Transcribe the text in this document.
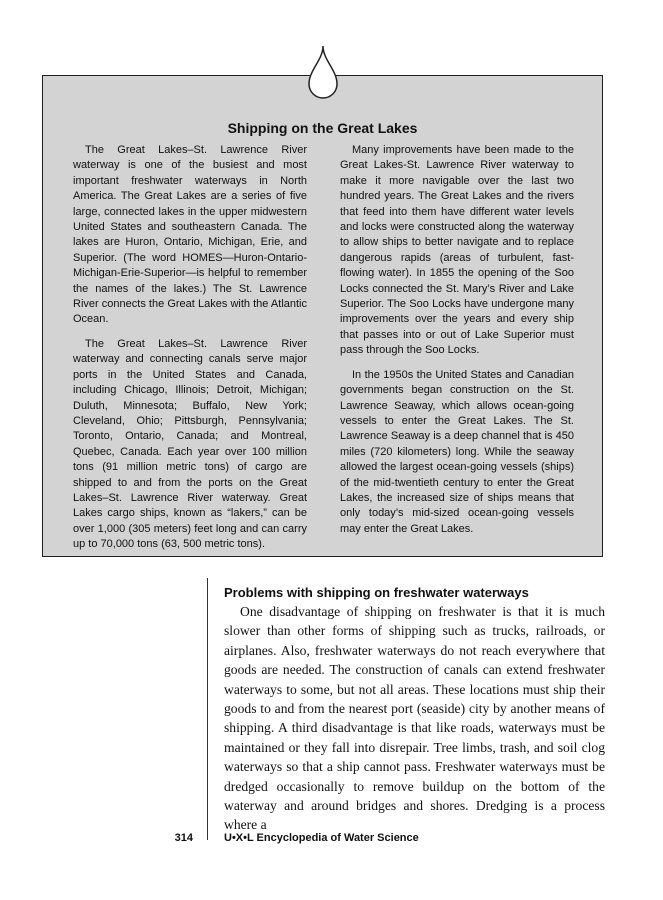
Shipping on the Great Lakes

The Great Lakes–St. Lawrence River waterway is one of the busiest and most important freshwater waterways in North America. The Great Lakes are a series of five large, connected lakes in the upper midwestern United States and southeastern Canada. The lakes are Huron, Ontario, Michigan, Erie, and Superior. (The word HOMES—Huron-Ontario-Michigan-Erie-Superior—is helpful to remember the names of the lakes.) The St. Lawrence River connects the Great Lakes with the Atlantic Ocean.

The Great Lakes–St. Lawrence River waterway and connecting canals serve major ports in the United States and Canada, including Chicago, Illinois; Detroit, Michigan; Duluth, Minnesota; Buffalo, New York; Cleveland, Ohio; Pittsburgh, Pennsylvania; Toronto, Ontario, Canada; and Montreal, Quebec, Canada. Each year over 100 million tons (91 million metric tons) of cargo are shipped to and from the ports on the Great Lakes–St. Lawrence River waterway. Great Lakes cargo ships, known as “lakers,” can be over 1,000 (305 meters) feet long and can carry up to 70,000 tons (63, 500 metric tons).

Many improvements have been made to the Great Lakes-St. Lawrence River waterway to make it more navigable over the last two hundred years. The Great Lakes and the rivers that feed into them have different water levels and locks were constructed along the waterway to allow ships to better navigate and to replace dangerous rapids (areas of turbulent, fast-flowing water). In 1855 the opening of the Soo Locks connected the St. Mary’s River and Lake Superior. The Soo Locks have undergone many improvements over the years and every ship that passes into or out of Lake Superior must pass through the Soo Locks.

In the 1950s the United States and Canadian governments began construction on the St. Lawrence Seaway, which allows ocean-going vessels to enter the Great Lakes. The St. Lawrence Seaway is a deep channel that is 450 miles (720 kilometers) long. While the seaway allowed the largest ocean-going vessels (ships) of the mid-twentieth century to enter the Great Lakes, the increased size of ships means that only today’s mid-sized ocean-going vessels may enter the Great Lakes.

Problems with shipping on freshwater waterways

One disadvantage of shipping on freshwater is that it is much slower than other forms of shipping such as trucks, railroads, or airplanes. Also, freshwater waterways do not reach everywhere that goods are needed. The construction of canals can extend freshwater waterways to some, but not all areas. These locations must ship their goods to and from the nearest port (seaside) city by another means of shipping. A third disadvantage is that like roads, waterways must be maintained or they fall into disrepair. Tree limbs, trash, and soil clog waterways so that a ship cannot pass. Freshwater waterways must be dredged occasionally to remove buildup on the bottom of the waterway and around bridges and shores. Dredging is a process where a

314	U•X•L Encyclopedia of Water Science
